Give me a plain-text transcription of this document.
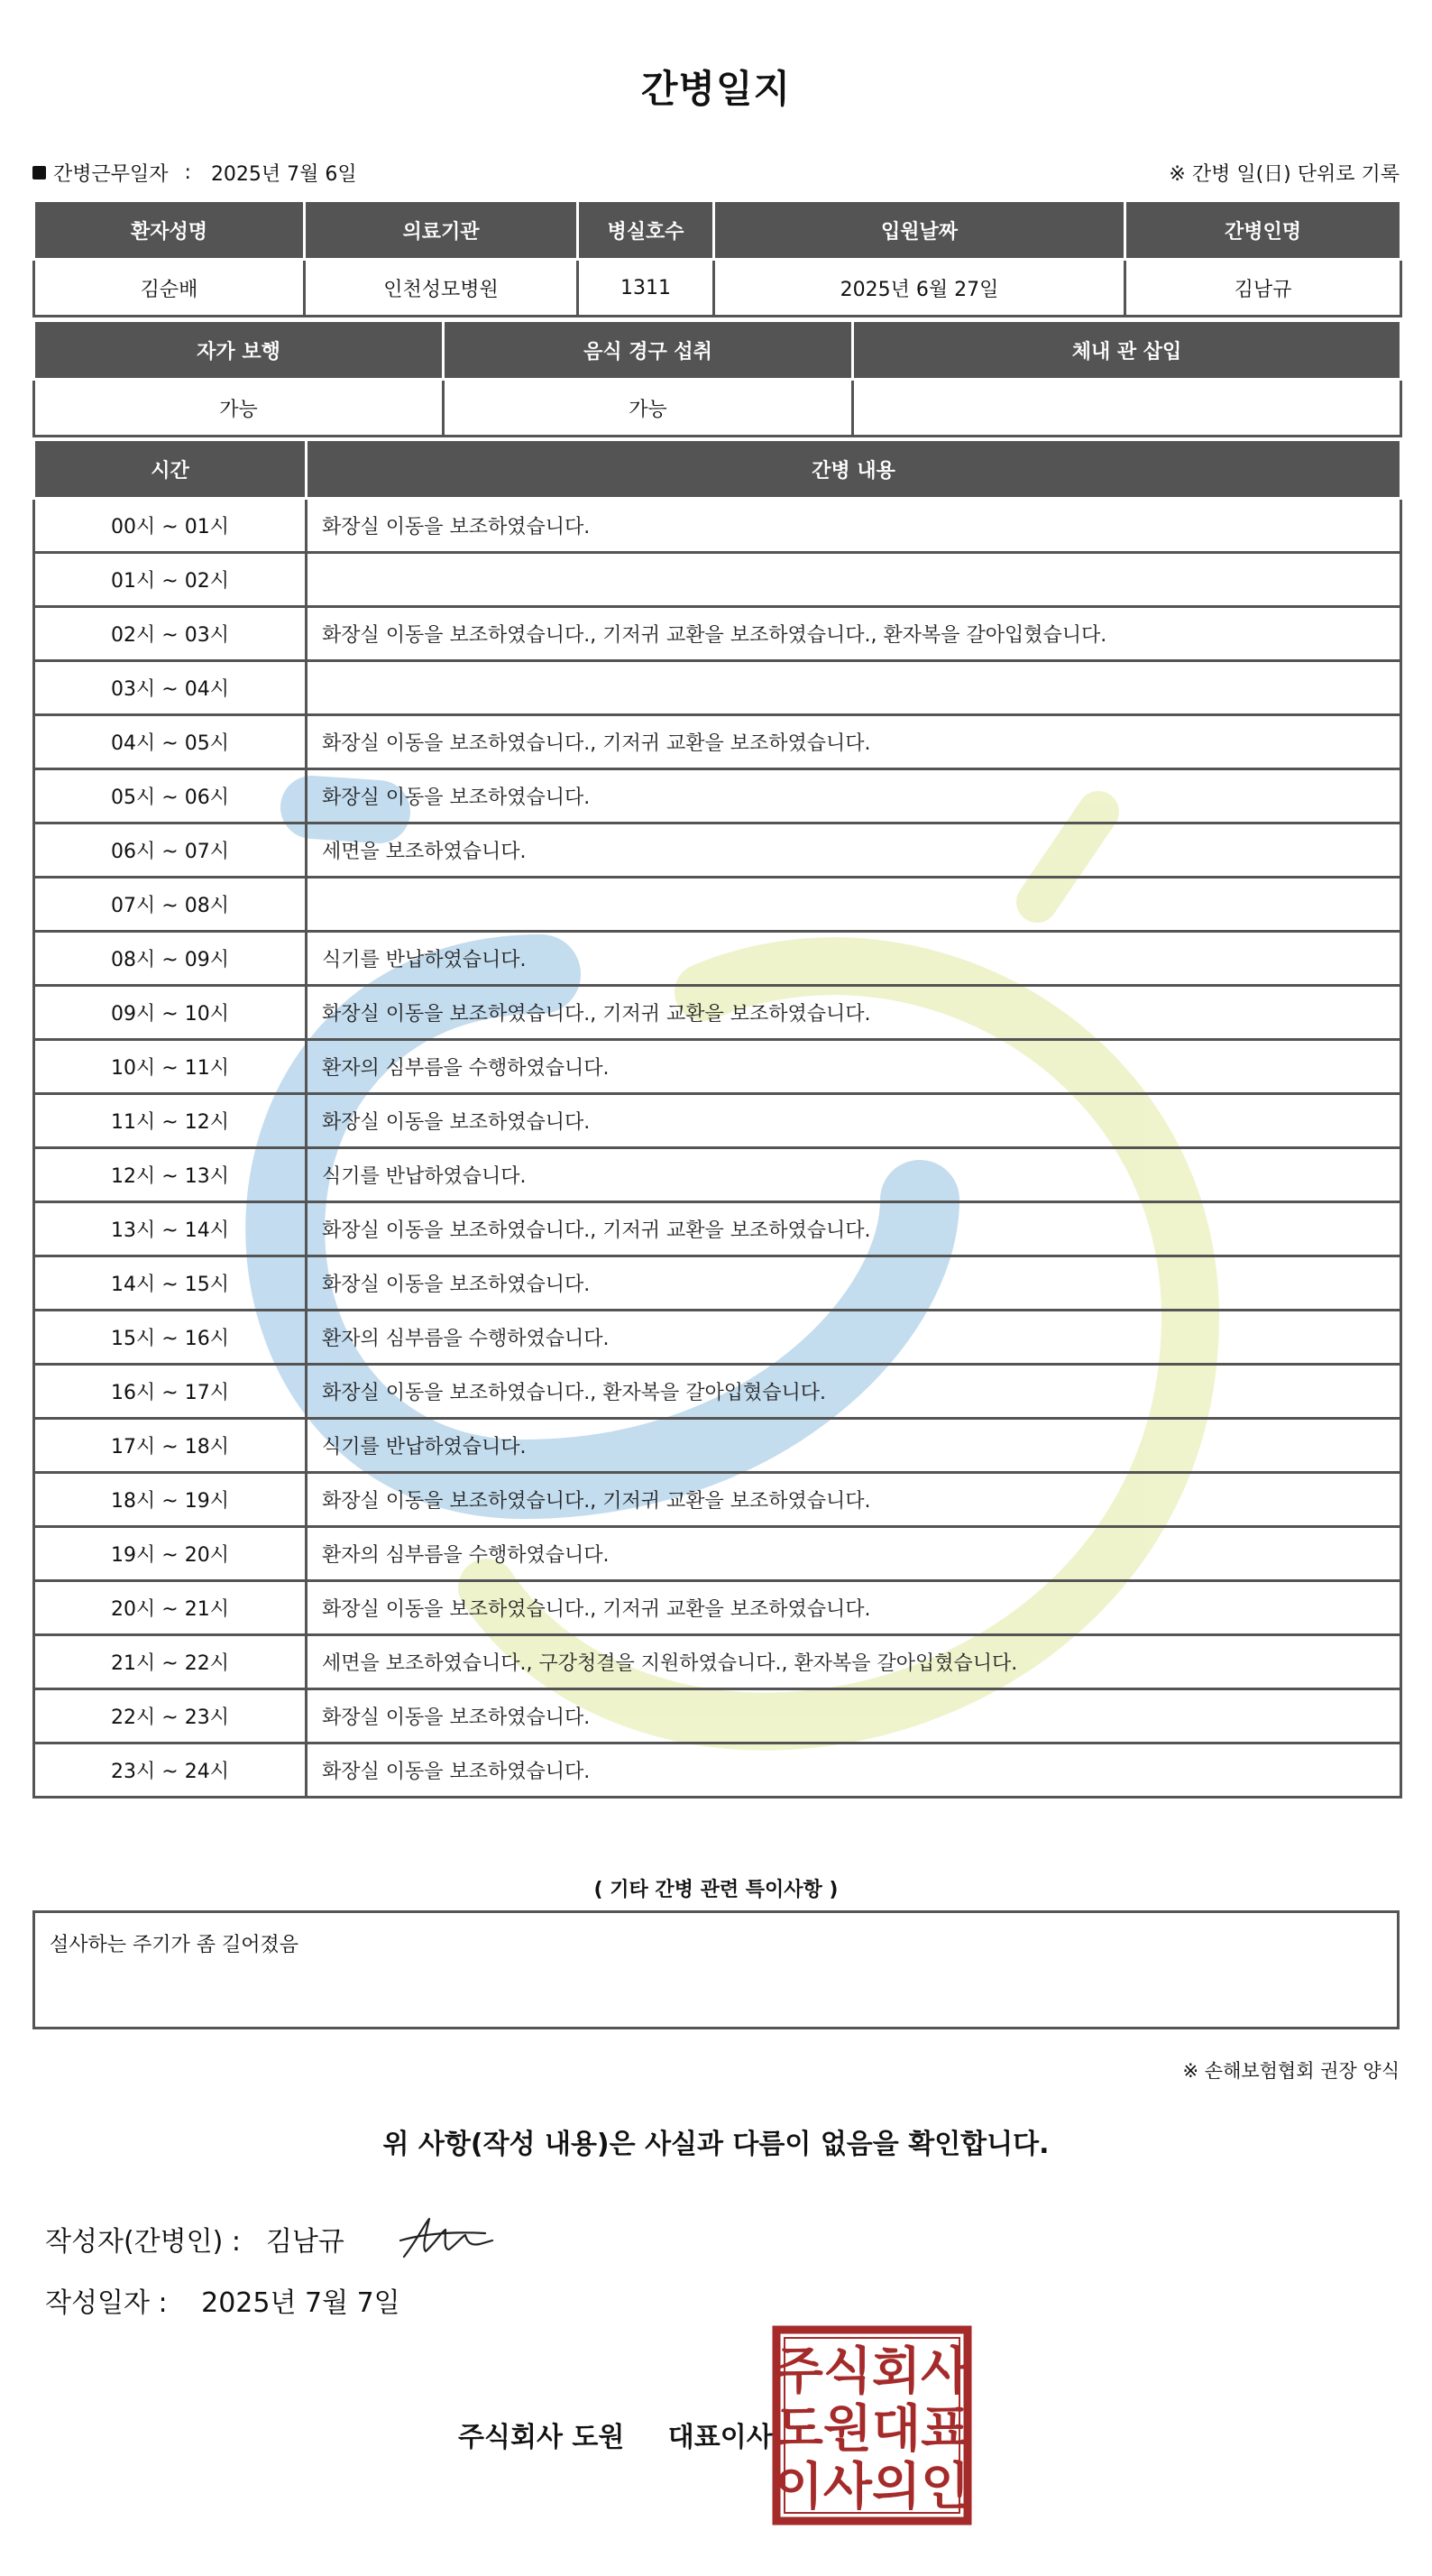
간병일지
간병근무일자 : 2025년 7월 6일	※ 간병 일(日) 단위로 기록
환자성명	의료기관	병실호수	입원날짜	간병인명
김순배	인천성모병원	1311	2025년 6월 27일	김남규
자가 보행	음식 경구 섭취	체내 관 삽입
가능	가능	
시간	간병 내용
00시 ~ 01시	화장실 이동을 보조하였습니다.
01시 ~ 02시	
02시 ~ 03시	화장실 이동을 보조하였습니다., 기저귀 교환을 보조하였습니다., 환자복을 갈아입혔습니다.
03시 ~ 04시	
04시 ~ 05시	화장실 이동을 보조하였습니다., 기저귀 교환을 보조하였습니다.
05시 ~ 06시	화장실 이동을 보조하였습니다.
06시 ~ 07시	세면을 보조하였습니다.
07시 ~ 08시	
08시 ~ 09시	식기를 반납하였습니다.
09시 ~ 10시	화장실 이동을 보조하였습니다., 기저귀 교환을 보조하였습니다.
10시 ~ 11시	환자의 심부름을 수행하였습니다.
11시 ~ 12시	화장실 이동을 보조하였습니다.
12시 ~ 13시	식기를 반납하였습니다.
13시 ~ 14시	화장실 이동을 보조하였습니다., 기저귀 교환을 보조하였습니다.
14시 ~ 15시	화장실 이동을 보조하였습니다.
15시 ~ 16시	환자의 심부름을 수행하였습니다.
16시 ~ 17시	화장실 이동을 보조하였습니다., 환자복을 갈아입혔습니다.
17시 ~ 18시	식기를 반납하였습니다.
18시 ~ 19시	화장실 이동을 보조하였습니다., 기저귀 교환을 보조하였습니다.
19시 ~ 20시	환자의 심부름을 수행하였습니다.
20시 ~ 21시	화장실 이동을 보조하였습니다., 기저귀 교환을 보조하였습니다.
21시 ~ 22시	세면을 보조하였습니다., 구강청결을 지원하였습니다., 환자복을 갈아입혔습니다.
22시 ~ 23시	화장실 이동을 보조하였습니다.
23시 ~ 24시	화장실 이동을 보조하였습니다.
( 기타 간병 관련 특이사항 )
설사하는 주기가 좀 길어졌음
※ 손해보험협회 권장 양식
위 사항(작성 내용)은 사실과 다름이 없음을 확인합니다.
작성자(간병인) : 김남규
작성일자 : 2025년 7월 7일
주식회사 도원 대표이사
주식회사
도원대표
이사의인
